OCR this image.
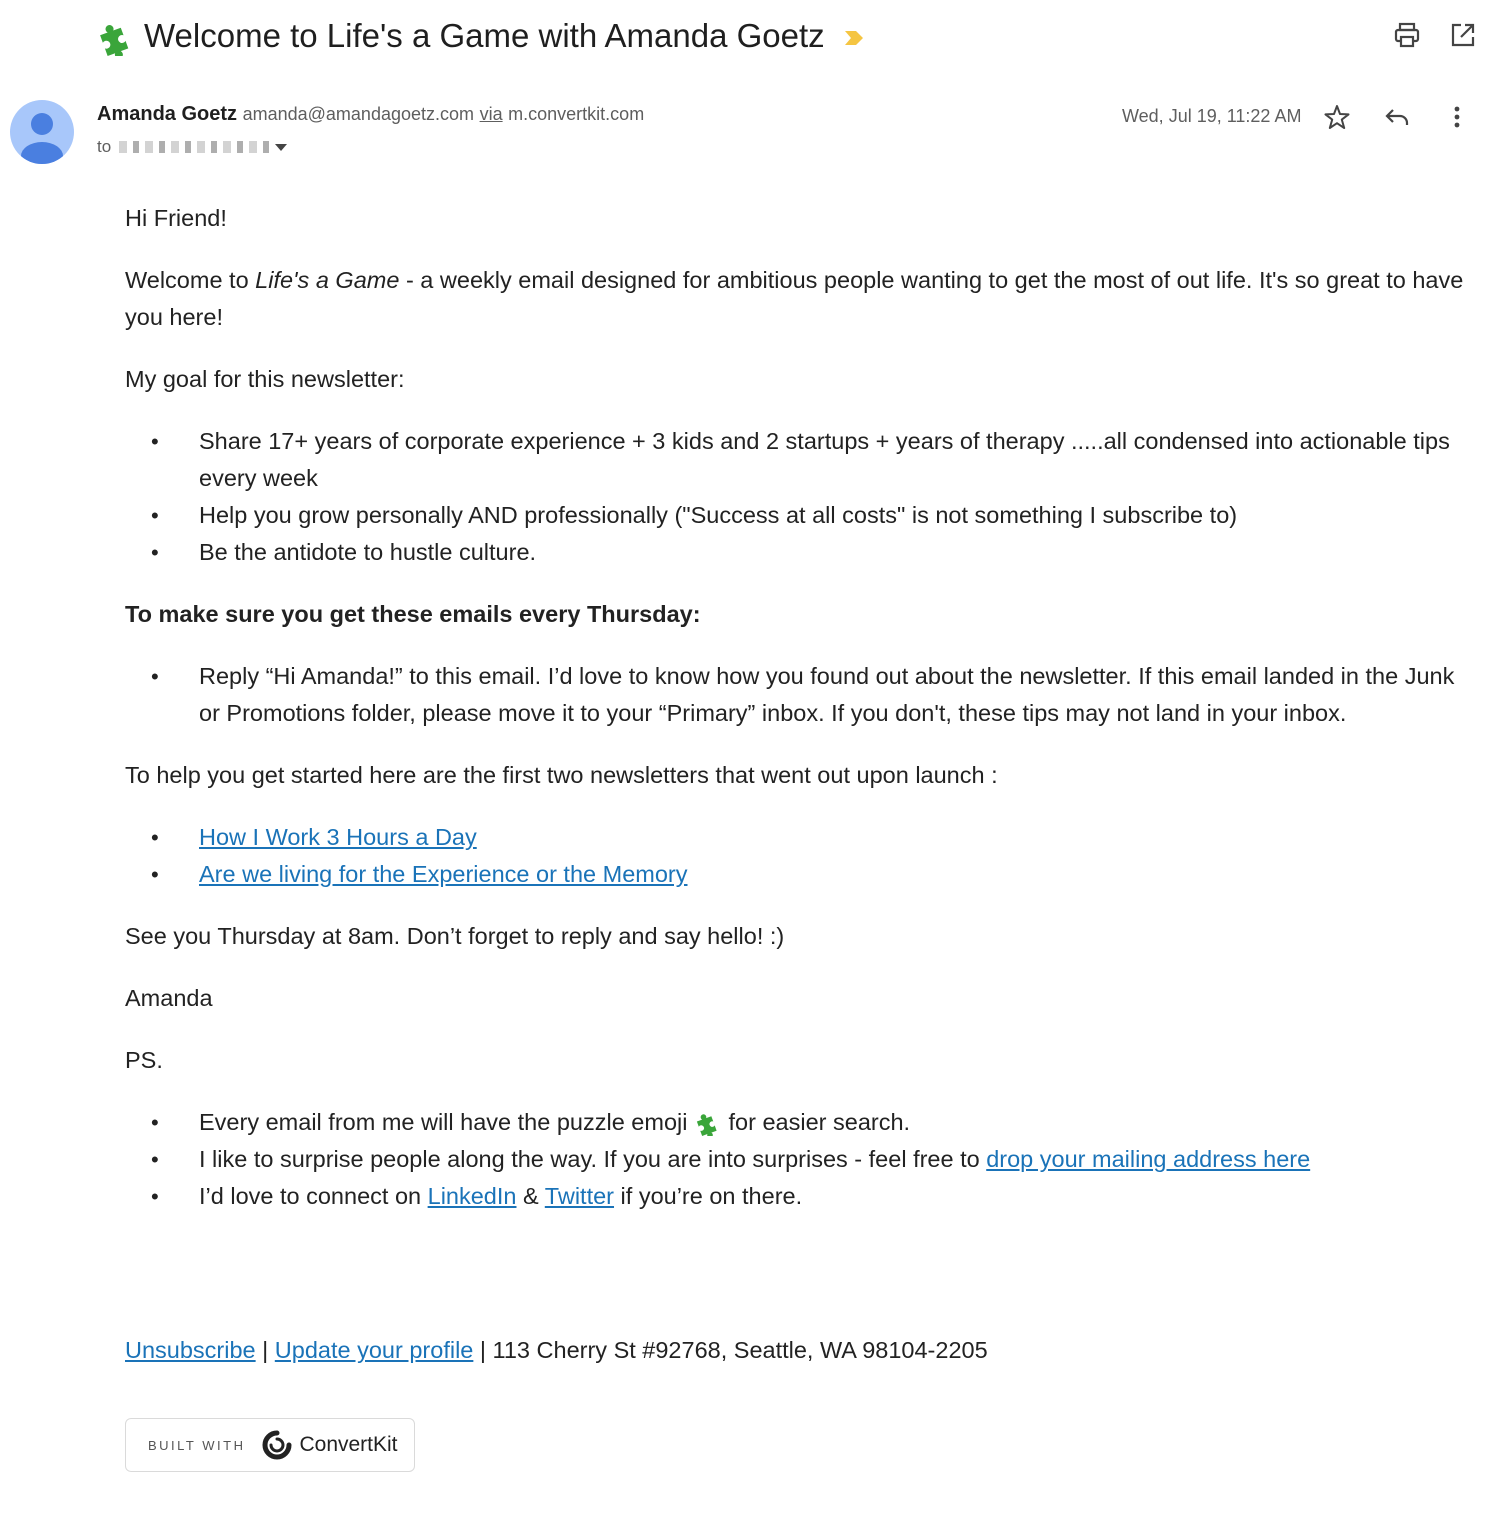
Welcome to Life's a Game with Amanda Goetz
Amanda Goetz amanda@amandagoetz.com via m.convertkit.com
to
Wed, Jul 19, 11:22 AM

Hi Friend!

Welcome to Life's a Game - a weekly email designed for ambitious people wanting to get the most of out life. It's so great to have you here!

My goal for this newsletter:

• Share 17+ years of corporate experience + 3 kids and 2 startups + years of therapy .....all condensed into actionable tips every week
• Help you grow personally AND professionally ("Success at all costs" is not something I subscribe to)
• Be the antidote to hustle culture.

To make sure you get these emails every Thursday:

• Reply “Hi Amanda!” to this email. I’d love to know how you found out about the newsletter. If this email landed in the Junk or Promotions folder, please move it to your “Primary” inbox. If you don't, these tips may not land in your inbox.

To help you get started here are the first two newsletters that went out upon launch :

• How I Work 3 Hours a Day
• Are we living for the Experience or the Memory

See you Thursday at 8am. Don’t forget to reply and say hello! :)

Amanda

PS.

• Every email from me will have the puzzle emoji  for easier search.
• I like to surprise people along the way. If you are into surprises - feel free to drop your mailing address here
• I’d love to connect on LinkedIn & Twitter if you’re on there.
Unsubscribe | Update your profile | 113 Cherry St #92768, Seattle, WA 98104-2205
BUILT WITH	ConvertKit
